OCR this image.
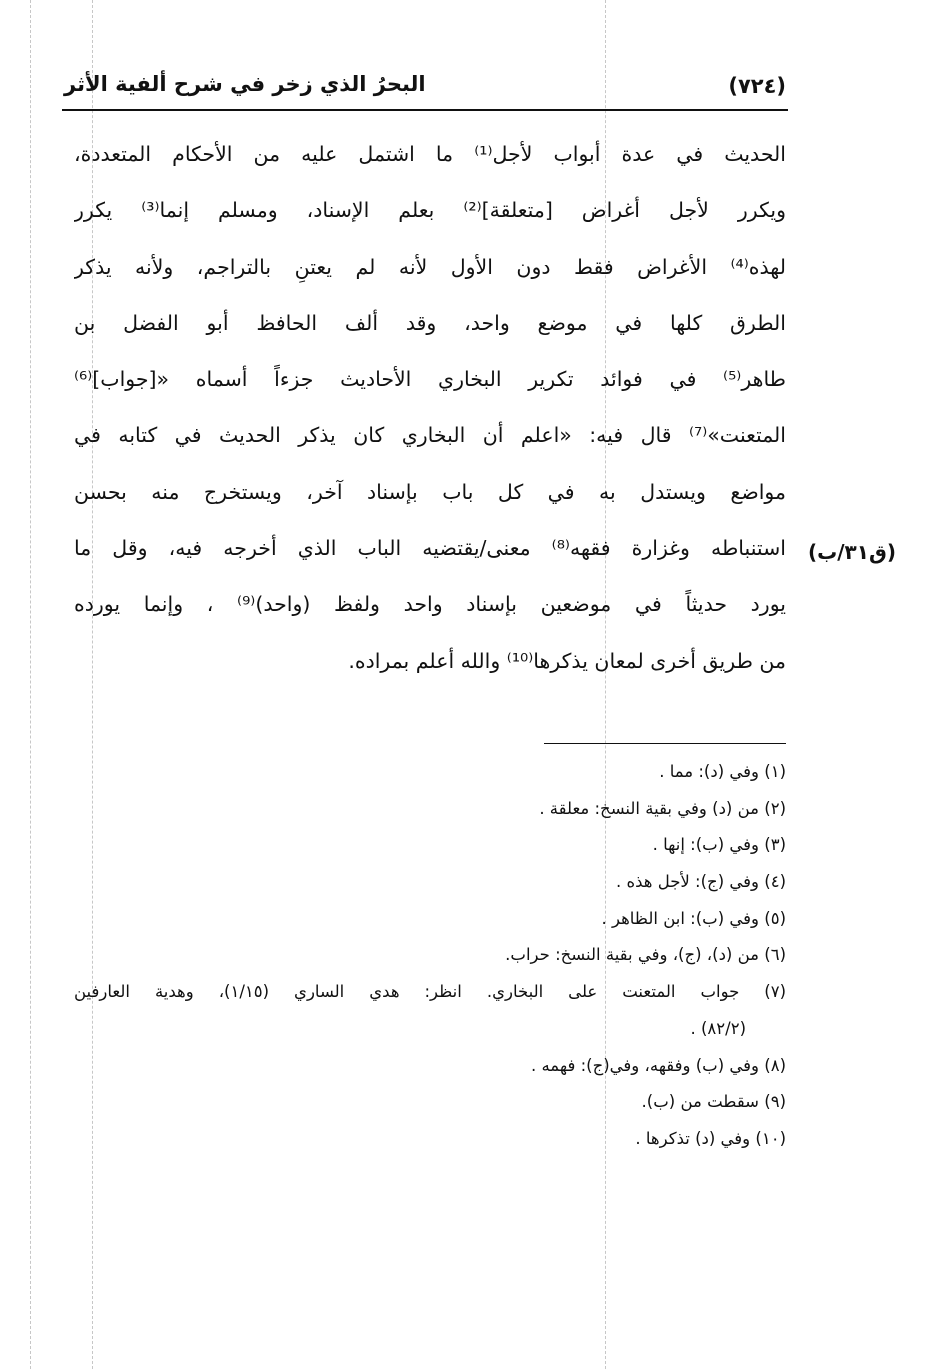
(٧٢٤)
البحرُ الذي زخر في شرح ألفية الأثر
الحديث في عدة أبواب لأجل⁽¹⁾ ما اشتمل عليه من الأحكام المتعددة،
ويكرر لأجل أغراض [متعلقة]⁽²⁾ بعلم الإسناد، ومسلم إنما⁽³⁾ يكرر
لهذه⁽⁴⁾ الأغراض فقط دون الأول لأنه لم يعتنِ بالتراجم، ولأنه يذكر
الطرق كلها في موضع واحد، وقد ألف الحافظ أبو الفضل بن
طاهر⁽⁵⁾ في فوائد تكرير البخاري الأحاديث جزءاً أسماه «[جواب]⁽⁶⁾
المتعنت»⁽⁷⁾ قال فيه: «اعلم أن البخاري كان يذكر الحديث في كتابه في
مواضع ويستدل به في كل باب بإسناد آخر، ويستخرج منه بحسن
استنباطه وغزارة فقهه⁽⁸⁾ معنى/يقتضيه الباب الذي أخرجه فيه، وقل ما
يورد حديثاً في موضعين بإسناد واحد ولفظ (واحد)⁽⁹⁾ ، وإنما يورده
من طريق أخرى لمعان يذكرها⁽¹⁰⁾ والله أعلم بمراده.
(ق٣١/ب)
(١) وفي (د): مما .
(٢) من (د) وفي بقية النسخ: معلقة .
(٣) وفي (ب): إنها .
(٤) وفي (ج): لأجل هذه .
(٥) وفي (ب): ابن الظاهر .
(٦) من (د)، (ج)، وفي بقية النسخ: حراب.
(٧) جواب المتعنت على البخاري. انظر: هدي الساري (١/١٥)، وهدية العارفين
(٨٢/٢) .
(٨) وفي (ب) وفقهه، وفي(ج): فهمه .
(٩) سقطت من (ب).
(١٠) وفي (د) تذكرها .
